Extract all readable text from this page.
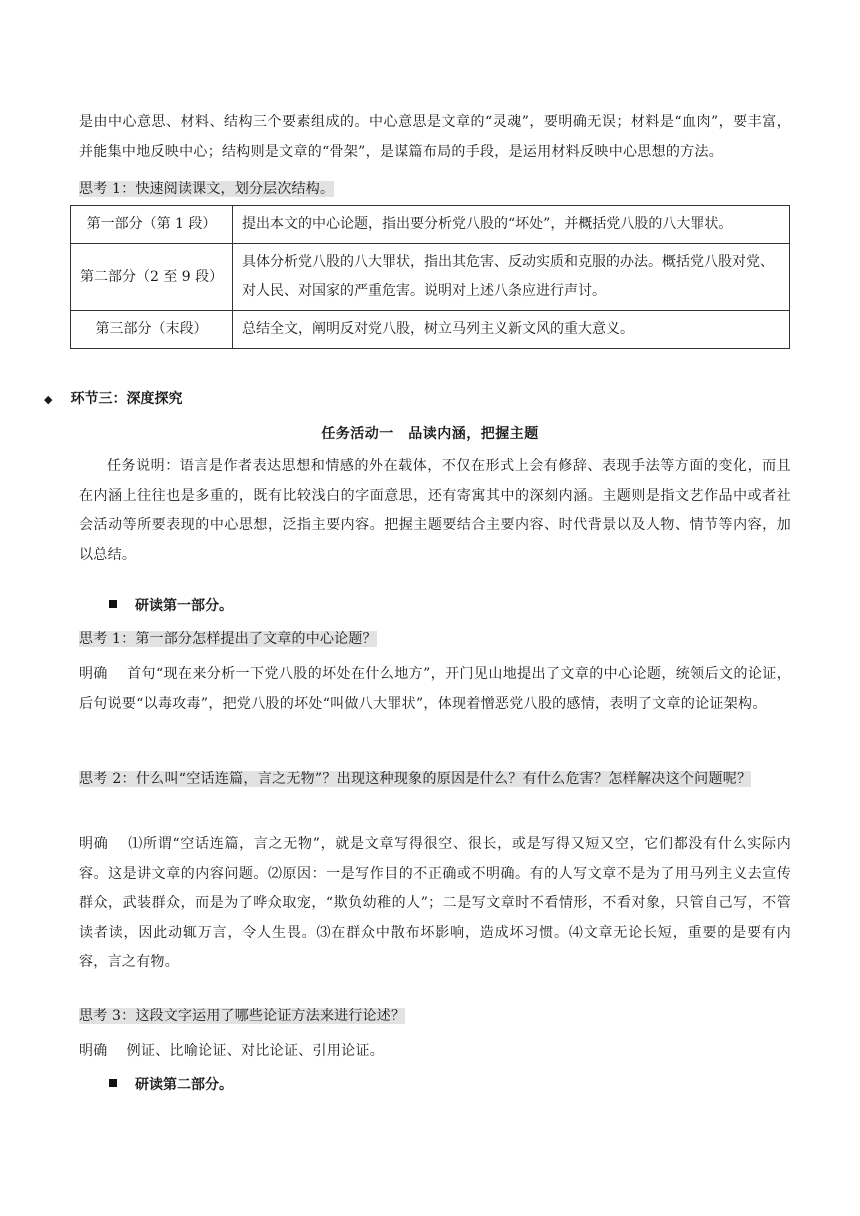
是由中心意思、材料、结构三个要素组成的。中心意思是文章的“灵魂”，要明确无误；材料是“血肉”，要丰富，并能集中地反映中心；结构则是文章的“骨架”，是谋篇布局的手段，是运用材料反映中心思想的方法。

思考 1：快速阅读课文，划分层次结构。
第一部分（第 1 段）	提出本文的中心论题，指出要分析党八股的“坏处”，并概括党八股的八大罪状。
第二部分（2 至 9 段）	具体分析党八股的八大罪状，指出其危害、反动实质和克服的办法。概括党八股对党、对人民、对国家的严重危害。说明对上述八条应进行声讨。
第三部分（末段）	总结全文，阐明反对党八股，树立马列主义新文风的重大意义。
◆ 环节三：深度探究
任务活动一　品读内涵，把握主题

任务说明：语言是作者表达思想和情感的外在载体，不仅在形式上会有修辞、表现手法等方面的变化，而且在内涵上往往也是多重的，既有比较浅白的字面意思，还有寄寓其中的深刻内涵。主题则是指文艺作品中或者社会活动等所要表现的中心思想，泛指主要内容。把握主题要结合主要内容、时代背景以及人物、情节等内容，加以总结。

研读第一部分。
思考 1：第一部分怎样提出了文章的中心论题？

明确　 首句“现在来分析一下党八股的坏处在什么地方”，开门见山地提出了文章的中心论题，统领后文的论证，后句说要“以毒攻毒”，把党八股的坏处“叫做八大罪状”，体现着憎恶党八股的感情，表明了文章的论证架构。

思考 2：什么叫“空话连篇，言之无物”？出现这种现象的原因是什么？有什么危害？怎样解决这个问题呢？

明确　 ⑴所谓“空话连篇，言之无物”，就是文章写得很空、很长，或是写得又短又空，它们都没有什么实际内容。这是讲文章的内容问题。⑵原因：一是写作目的不正确或不明确。有的人写文章不是为了用马列主义去宣传群众，武装群众，而是为了哗众取宠，“欺负幼稚的人”；二是写文章时不看情形，不看对象，只管自己写，不管读者读，因此动辄万言，令人生畏。⑶在群众中散布坏影响，造成坏习惯。⑷文章无论长短，重要的是要有内容，言之有物。

思考 3：这段文字运用了哪些论证方法来进行论述？

明确　 例证、比喻论证、对比论证、引用论证。

研读第二部分。
